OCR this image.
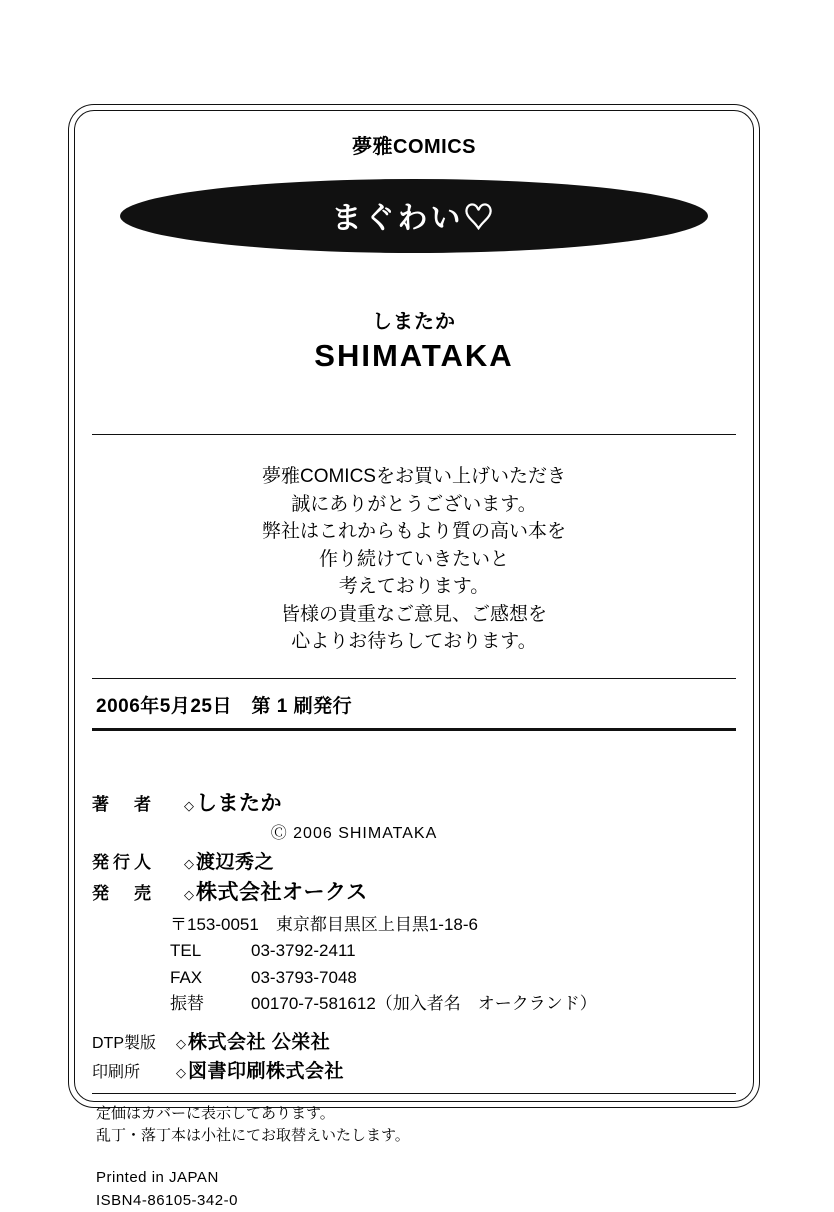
夢雅COMICS
まぐわい♡
しまたか
SHIMATAKA
夢雅COMICSをお買い上げいただき
誠にありがとうございます。
弊社はこれからもより質の高い本を
作り続けていきたいと
考えております。
皆様の貴重なご意見、ご感想を
心よりお待ちしております。
2006年5月25日　第 1 刷発行
著　者	◇ しまたか
Ⓒ 2006 SHIMATAKA
発行人	◇ 渡辺秀之
発　売	◇ 株式会社オークス
〒153-0051　東京都目黒区上目黒1-18-6
TEL　03-3792-2411
FAX　03-3793-7048
振替　00170-7-581612（加入者名　オークランド）
DTP製版	◇ 株式会社 公栄社
印刷所	◇ 図書印刷株式会社
定価はカバーに表示してあります。
乱丁・落丁本は小社にてお取替えいたします。
Printed in JAPAN
ISBN4-86105-342-0
